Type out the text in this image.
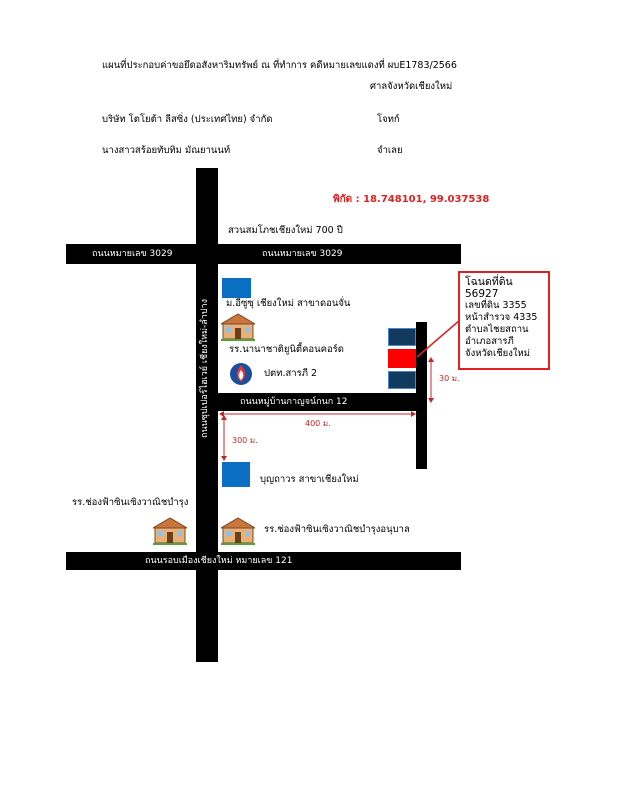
แผนที่ประกอบค่าขอยึดอสังหาริมทรัพย์ ณ ที่ทำการ คดีหมายเลขแดงที่ ผบE1783/2566
ศาลจังหวัดเชียงใหม่
บริษัท โตโยต้า ลีสซิ่ง (ประเทศไทย) จำกัด	โจทก์
นางสาวสร้อยทับทิม มัณยานนท์	จำเลย
พิกัด : 18.748101, 99.037538
ถนนซุปเปอร์ไฮเวย์ เชียงใหม่-ลำปาง
ถนนหมายเลข 3029	ถนนหมายเลข 3029
สวนสมโภชเชียงใหม่ 700 ปี
ม.อีซูซุ เชียงใหม่ สาขาดอนจั่น
รร.นานาชาติยูนิตี้คอนคอร์ด
ปตท.สารภี 2
ถนนหมู่บ้านกาญจน์กนก 12
30 ม.
400 ม.
300 ม.
บุญถาวร สาขาเชียงใหม่
รร.ช่องฟ้าซินเซิงวาณิชบำรุง
รร.ช่องฟ้าซินเซิงวาณิชบำรุงอนุบาล
ถนนรอบเมืองเชียงใหม่ หมายเลข 121
โฉนดที่ดิน 56927
เลขที่ดิน 3355
หน้าสำรวจ 4335
ตำบลไชยสถาน
อำเภอสารภี
จังหวัดเชียงใหม่
